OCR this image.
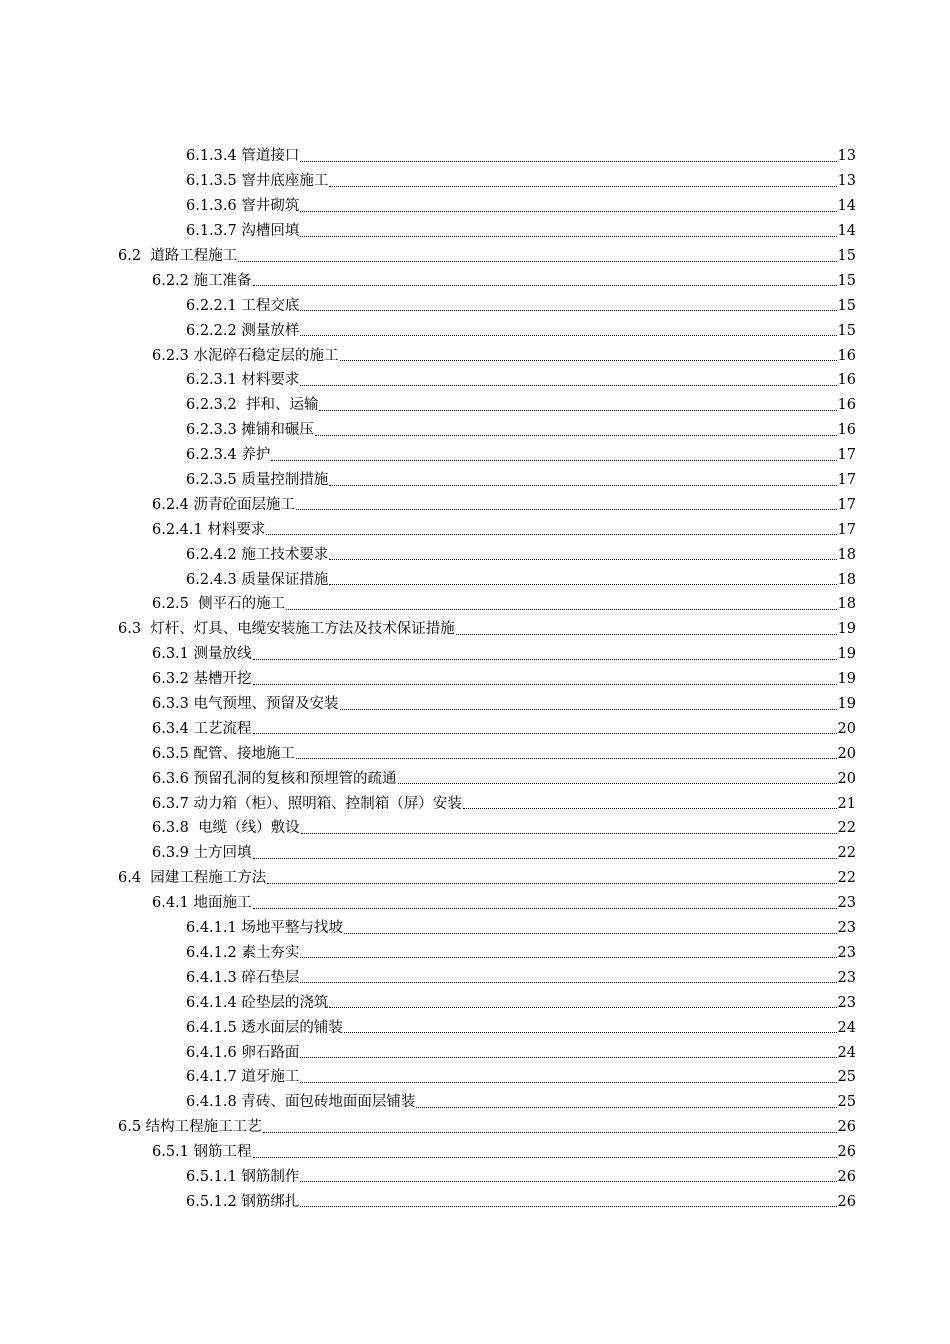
6.1.3.4 管道接口	13
6.1.3.5 窨井底座施工	13
6.1.3.6 窨井砌筑	14
6.1.3.7 沟槽回填	14
6.2  道路工程施工	15
6.2.2 施工准备	15
6.2.2.1 工程交底	15
6.2.2.2 测量放样	15
6.2.3 水泥碎石稳定层的施工	16
6.2.3.1 材料要求	16
6.2.3.2  拌和、运输	16
6.2.3.3 摊铺和碾压	16
6.2.3.4 养护	17
6.2.3.5 质量控制措施	17
6.2.4 沥青砼面层施工	17
6.2.4.1 材料要求	17
6.2.4.2 施工技术要求	18
6.2.4.3 质量保证措施	18
6.2.5  侧平石的施工	18
6.3  灯杆、灯具、电缆安装施工方法及技术保证措施	19
6.3.1 测量放线	19
6.3.2 基槽开挖	19
6.3.3 电气预埋、预留及安装	19
6.3.4 工艺流程	20
6.3.5 配管、接地施工	20
6.3.6 预留孔洞的复核和预埋管的疏通	20
6.3.7 动力箱（柜）、照明箱、控制箱（屏）安装	21
6.3.8  电缆（线）敷设	22
6.3.9 土方回填	22
6.4  园建工程施工方法	22
6.4.1 地面施工	23
6.4.1.1 场地平整与找坡	23
6.4.1.2 素土夯实	23
6.4.1.3 碎石垫层	23
6.4.1.4 砼垫层的浇筑	23
6.4.1.5 透水面层的铺装	24
6.4.1.6 卵石路面	24
6.4.1.7 道牙施工	25
6.4.1.8 青砖、面包砖地面面层铺装	25
6.5 结构工程施工工艺	26
6.5.1 钢筋工程	26
6.5.1.1 钢筋制作	26
6.5.1.2 钢筋绑扎	26
